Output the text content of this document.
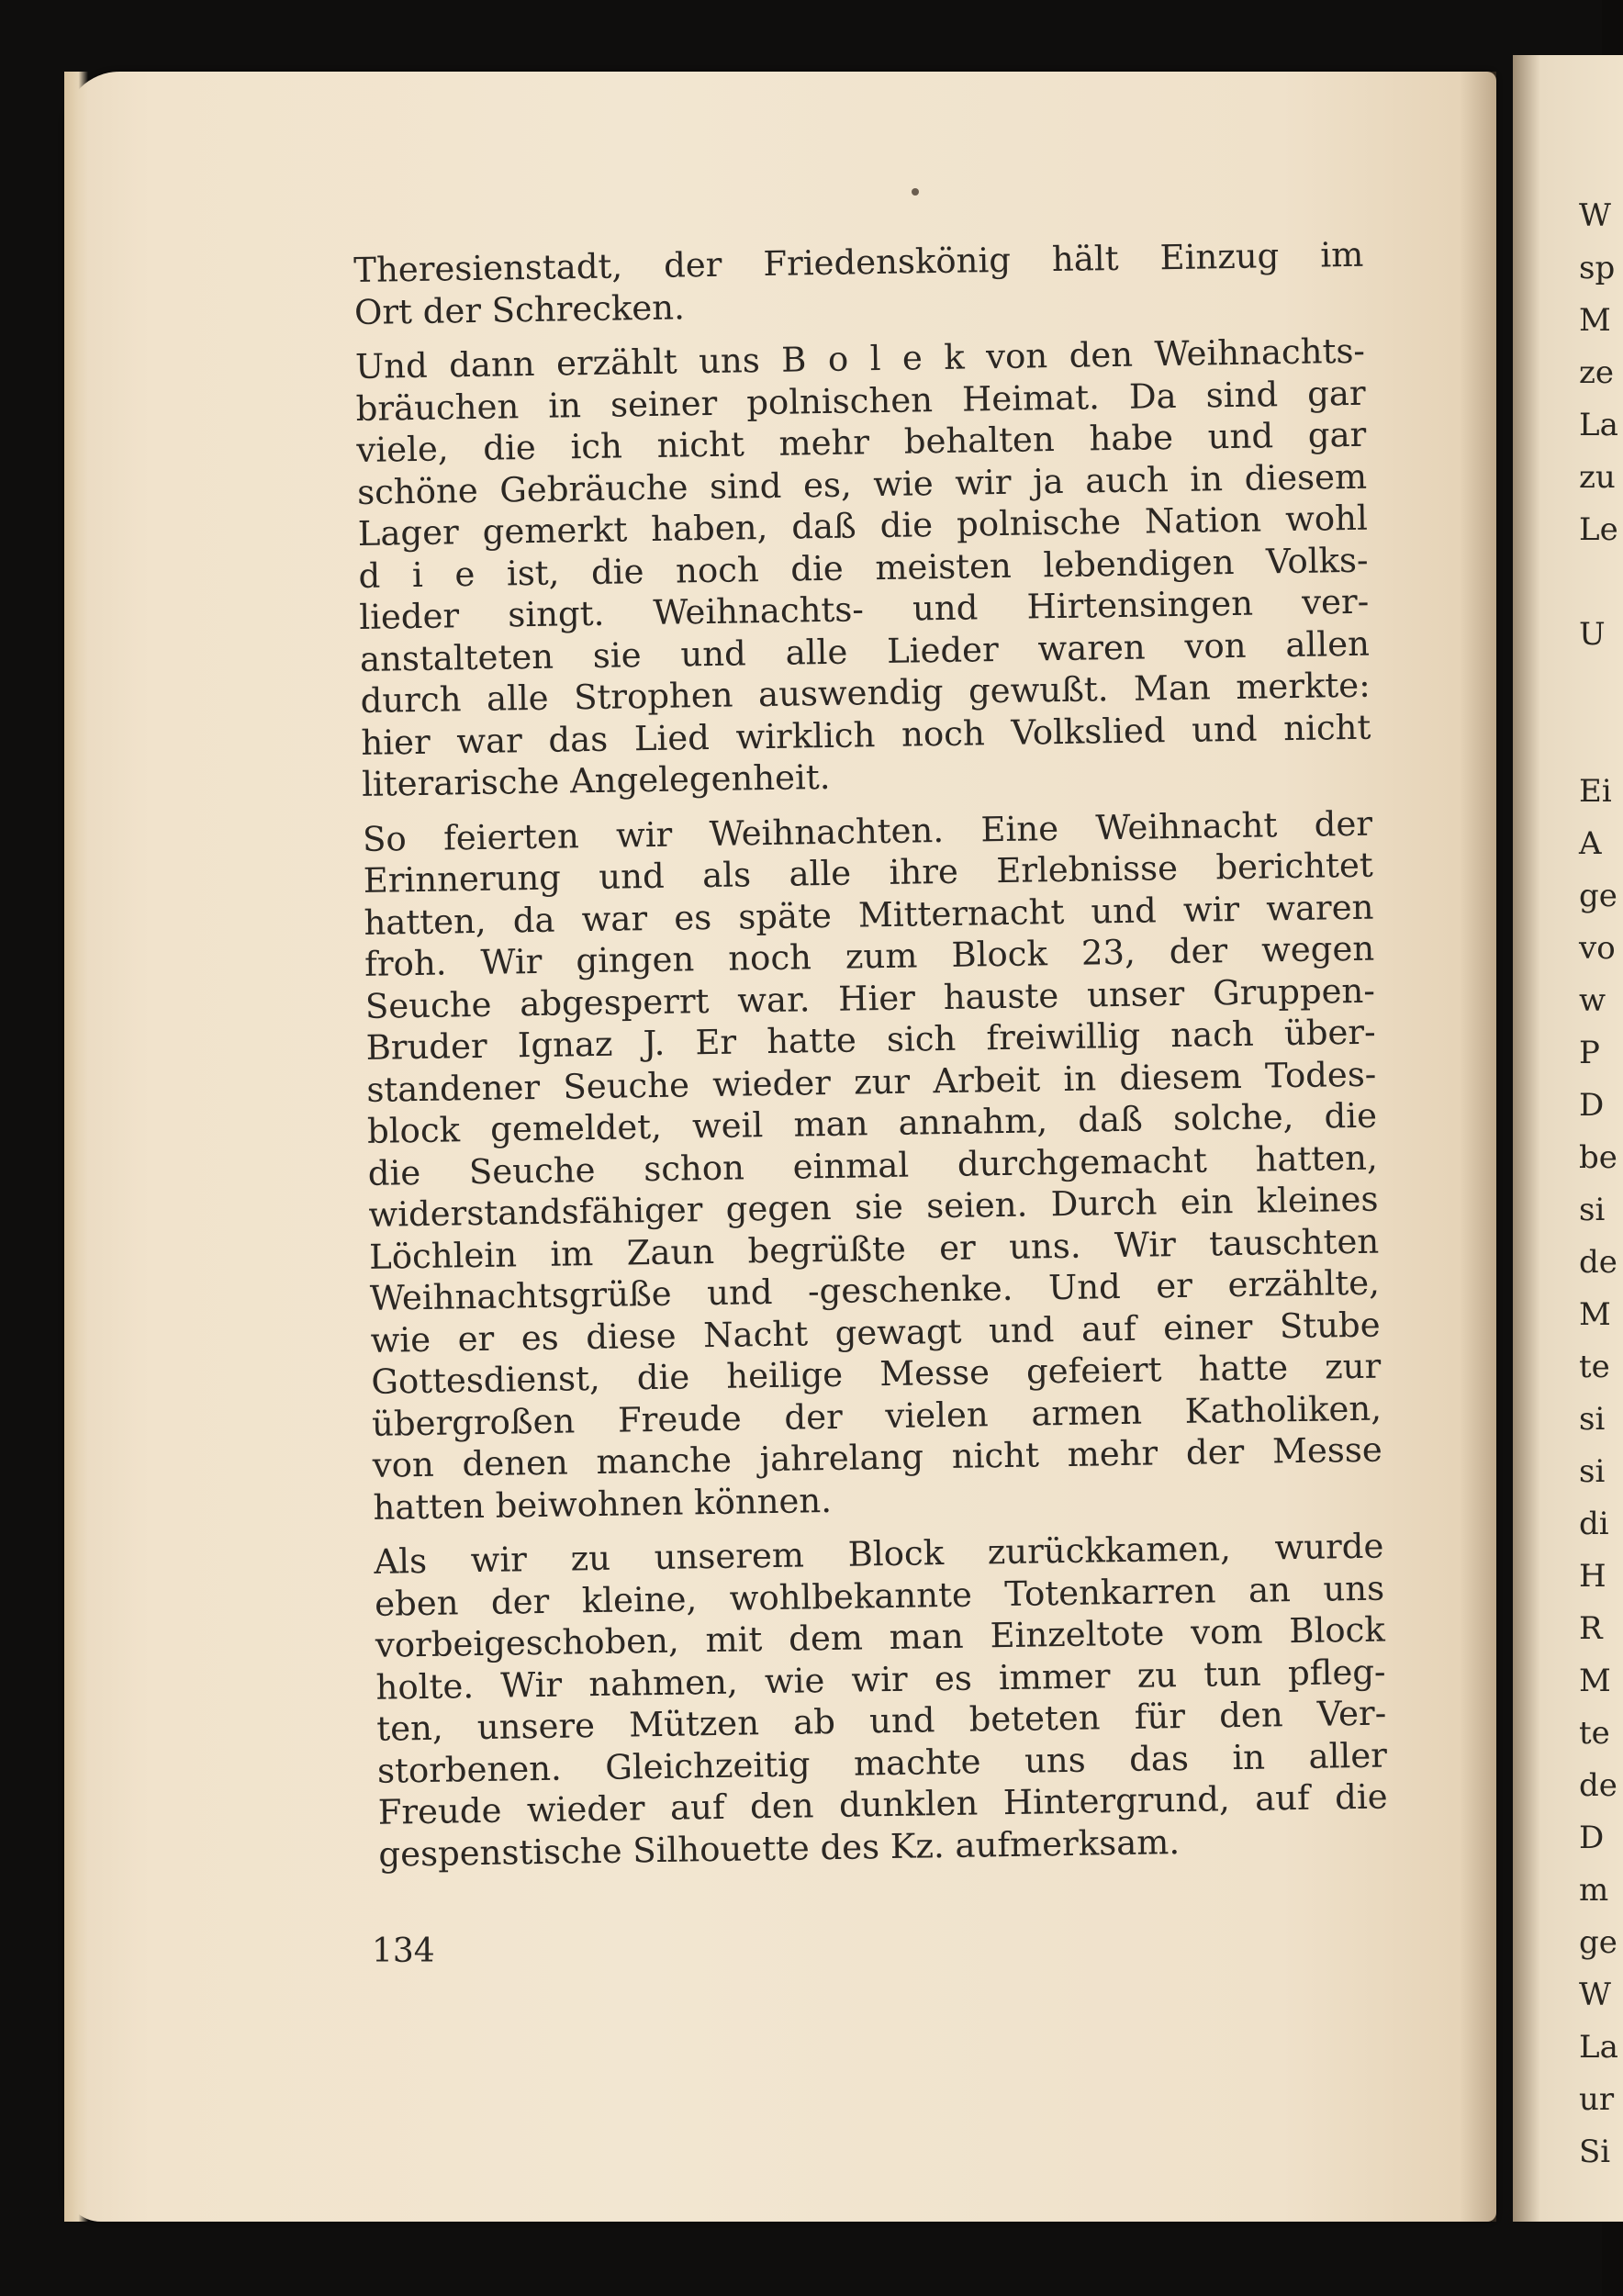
W
sp
M
ze
La
zu
Le
U
Ei
A
ge
vo
w
P
D
be
si
de
M
te
si
si
di
H
R
M
te
de
D
m
ge
W
La
ur
Si

Theresienstadt, der Friedenskönig hält Einzug im
Ort der Schrecken.

Und dann erzählt uns B o l e k von den Weihnachts-
bräuchen in seiner polnischen Heimat. Da sind gar
viele, die ich nicht mehr behalten habe und gar
schöne Gebräuche sind es, wie wir ja auch in diesem
Lager gemerkt haben, daß die polnische Nation wohl
d i e ist, die noch die meisten lebendigen Volks-
lieder singt. Weihnachts- und Hirtensingen ver-
anstalteten sie und alle Lieder waren von allen
durch alle Strophen auswendig gewußt. Man merkte:
hier war das Lied wirklich noch Volkslied und nicht
literarische Angelegenheit.

So feierten wir Weihnachten. Eine Weihnacht der
Erinnerung und als alle ihre Erlebnisse berichtet
hatten, da war es späte Mitternacht und wir waren
froh. Wir gingen noch zum Block 23, der wegen
Seuche abgesperrt war. Hier hauste unser Gruppen-
Bruder Ignaz J. Er hatte sich freiwillig nach über-
standener Seuche wieder zur Arbeit in diesem Todes-
block gemeldet, weil man annahm, daß solche, die
die Seuche schon einmal durchgemacht hatten,
widerstandsfähiger gegen sie seien. Durch ein kleines
Löchlein im Zaun begrüßte er uns. Wir tauschten
Weihnachtsgrüße und -geschenke. Und er erzählte,
wie er es diese Nacht gewagt und auf einer Stube
Gottesdienst, die heilige Messe gefeiert hatte zur
übergroßen Freude der vielen armen Katholiken,
von denen manche jahrelang nicht mehr der Messe
hatten beiwohnen können.

Als wir zu unserem Block zurückkamen, wurde
eben der kleine, wohlbekannte Totenkarren an uns
vorbeigeschoben, mit dem man Einzeltote vom Block
holte. Wir nahmen, wie wir es immer zu tun pfleg-
ten, unsere Mützen ab und beteten für den Ver-
storbenen. Gleichzeitig machte uns das in aller
Freude wieder auf den dunklen Hintergrund, auf die
gespenstische Silhouette des Kz. aufmerksam.

134
